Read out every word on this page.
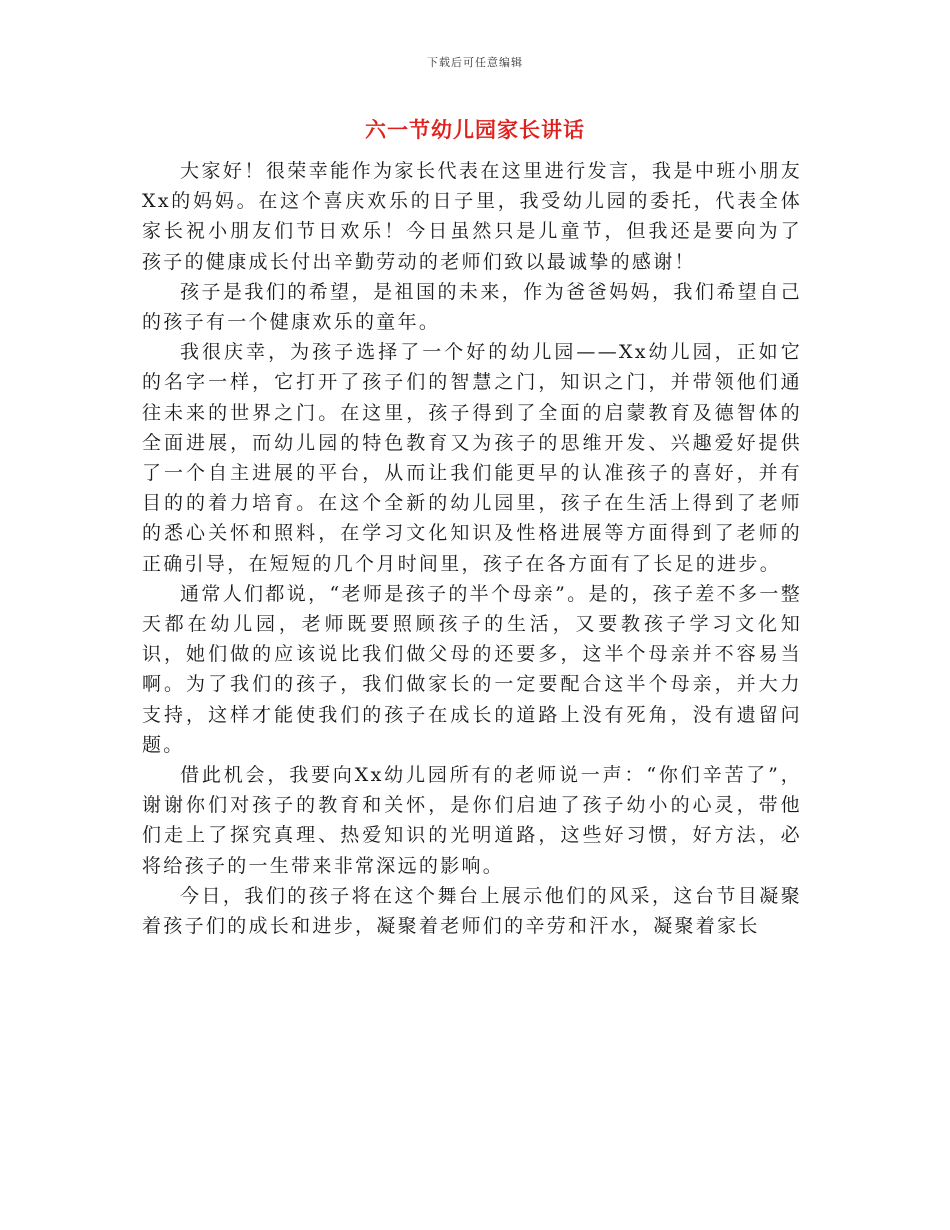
下载后可任意编辑
六一节幼儿园家长讲话

大家好！很荣幸能作为家长代表在这里进行发言，我是中班小朋友Xx的妈妈。在这个喜庆欢乐的日子里，我受幼儿园的委托，代表全体家长祝小朋友们节日欢乐！今日虽然只是儿童节，但我还是要向为了孩子的健康成长付出辛勤劳动的老师们致以最诚挚的感谢！

孩子是我们的希望，是祖国的未来，作为爸爸妈妈，我们希望自己的孩子有一个健康欢乐的童年。

我很庆幸，为孩子选择了一个好的幼儿园——Xx幼儿园，正如它的名字一样，它打开了孩子们的智慧之门，知识之门，并带领他们通往未来的世界之门。在这里，孩子得到了全面的启蒙教育及德智体的全面进展，而幼儿园的特色教育又为孩子的思维开发、兴趣爱好提供了一个自主进展的平台，从而让我们能更早的认准孩子的喜好，并有目的的着力培育。在这个全新的幼儿园里，孩子在生活上得到了老师的悉心关怀和照料，在学习文化知识及性格进展等方面得到了老师的正确引导，在短短的几个月时间里，孩子在各方面有了长足的进步。

通常人们都说，“老师是孩子的半个母亲”。是的，孩子差不多一整天都在幼儿园，老师既要照顾孩子的生活，又要教孩子学习文化知识，她们做的应该说比我们做父母的还要多，这半个母亲并不容易当啊。为了我们的孩子，我们做家长的一定要配合这半个母亲，并大力支持，这样才能使我们的孩子在成长的道路上没有死角，没有遗留问题。

借此机会，我要向Xx幼儿园所有的老师说一声：“你们辛苦了”，谢谢你们对孩子的教育和关怀，是你们启迪了孩子幼小的心灵，带他们走上了探究真理、热爱知识的光明道路，这些好习惯，好方法，必将给孩子的一生带来非常深远的影响。

今日，我们的孩子将在这个舞台上展示他们的风采，这台节目凝聚着孩子们的成长和进步，凝聚着老师们的辛劳和汗水，凝聚着家长
